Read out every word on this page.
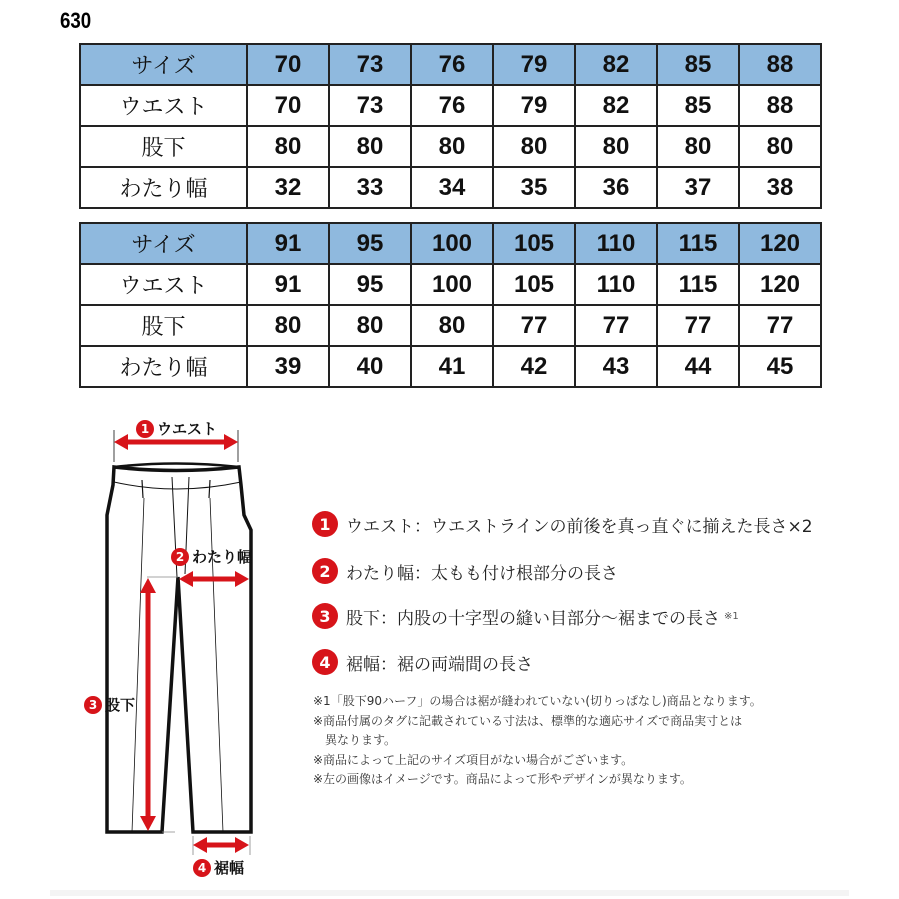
630
サイズ	70	73	76	79	82	85	88
ウエスト	70	73	76	79	82	85	88
股下	80	80	80	80	80	80	80
わたり幅	32	33	34	35	36	37	38
サイズ	91	95	100	105	110	115	120
ウエスト	91	95	100	105	110	115	120
股下	80	80	80	77	77	77	77
わたり幅	39	40	41	42	43	44	45
1 ウエスト
2 わたり幅
3 股下
4 裾幅
1 ウエスト：ウエストラインの前後を真っ直ぐに揃えた長さ×2
2 わたり幅：太もも付け根部分の長さ
3 股下：内股の十字型の縫い目部分〜裾までの長さ ※1
4 裾幅：裾の両端間の長さ
※1「股下90ハーフ」の場合は裾が縫われていない(切りっぱなし)商品となります。
※商品付属のタグに記載されている寸法は、標準的な適応サイズで商品実寸とは
異なります。
※商品によって上記のサイズ項目がない場合がございます。
※左の画像はイメージです。商品によって形やデザインが異なります。
